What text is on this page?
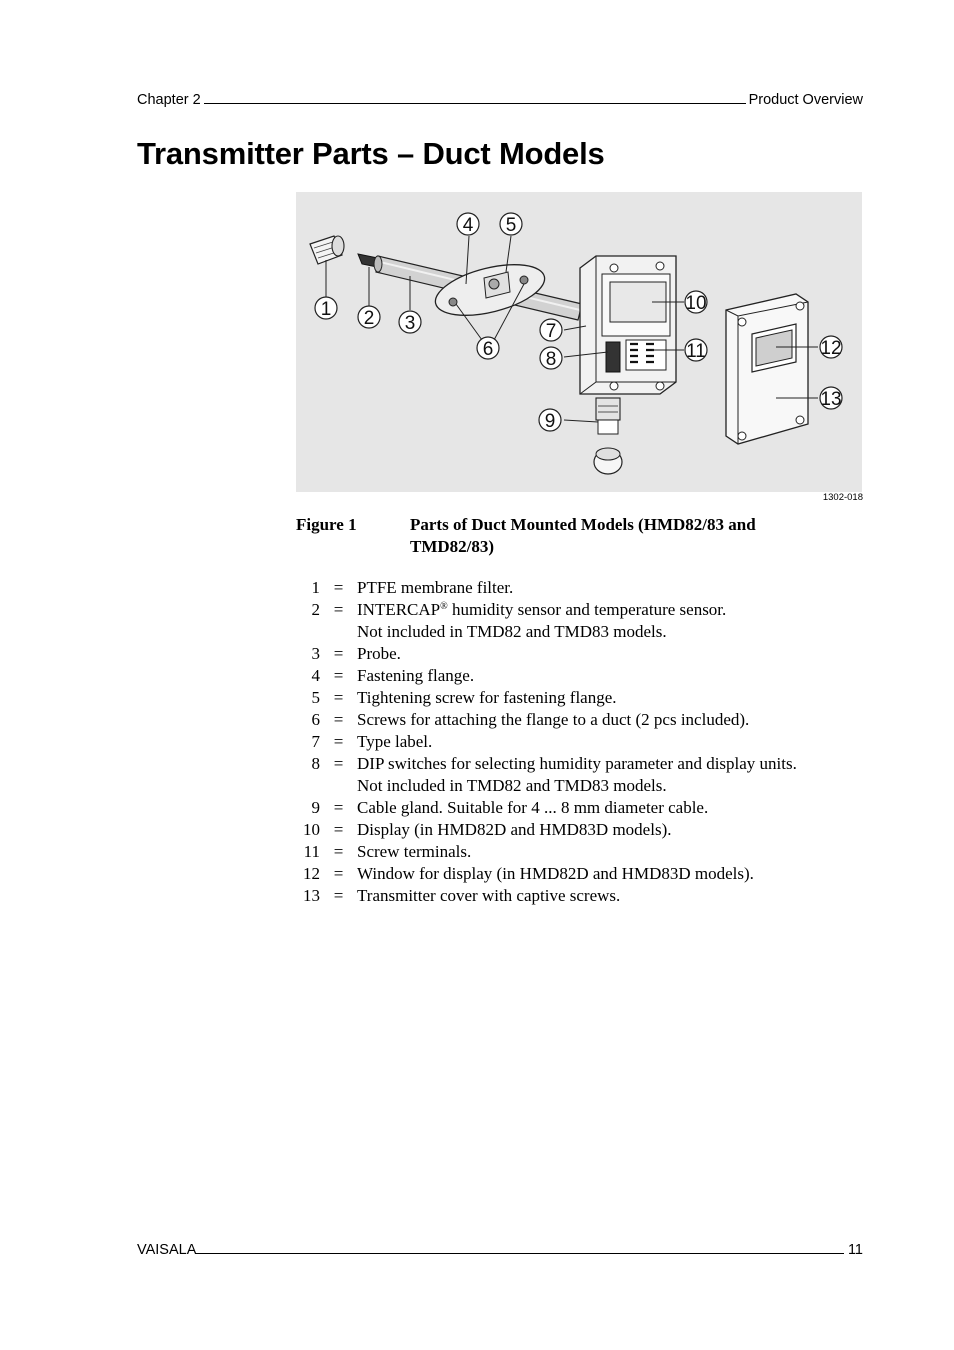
Chapter 2	Product Overview
Transmitter Parts – Duct Models
1 2 3
4 5
6
7
8
9
10
11	12
13
1302-018
Figure 1	Parts of Duct Mounted Models (HMD82/83 and TMD82/83)
1 = PTFE membrane filter.
2 = INTERCAP® humidity sensor and temperature sensor.
Not included in TMD82 and TMD83 models.
3 = Probe.
4 = Fastening flange.
5 = Tightening screw for fastening flange.
6 = Screws for attaching the flange to a duct (2 pcs included).
7 = Type label.
8 = DIP switches for selecting humidity parameter and display units.
Not included in TMD82 and TMD83 models.
9 = Cable gland. Suitable for 4 ... 8 mm diameter cable.
10 = Display (in HMD82D and HMD83D models).
11 = Screw terminals.
12 = Window for display (in HMD82D and HMD83D models).
13 = Transmitter cover with captive screws.
VAISALA	11
